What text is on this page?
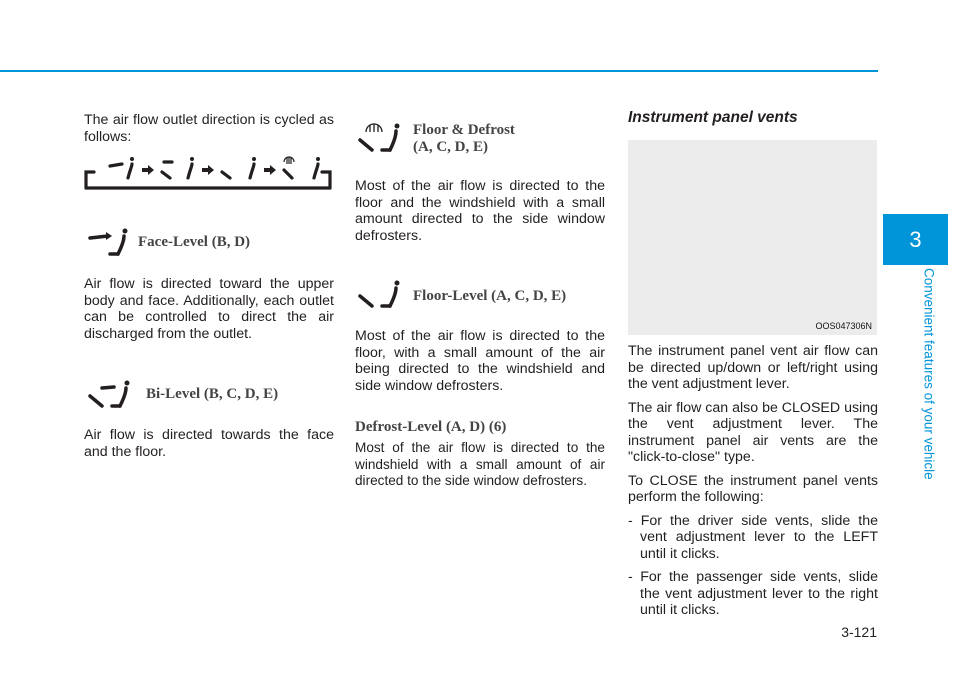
3
Convenient features of your vehicle

The air flow outlet direction is cycled as follows:

Face-Level (B, D)

Air flow is directed toward the upper body and face. Additionally, each outlet can be controlled to direct the air discharged from the outlet.

Bi-Level (B, C, D, E)

Air flow is directed towards the face and the floor.

Floor & Defrost
(A, C, D, E)

Most of the air flow is directed to the floor and the windshield with a small amount directed to the side window defrosters.

Floor-Level (A, C, D, E)

Most of the air flow is directed to the floor, with a small amount of the air being directed to the windshield and side window defrosters.

Defrost-Level (A, D) (6)

Most of the air flow is directed to the windshield with a small amount of air directed to the side window defrosters.

Instrument panel vents
OOS047306N

The instrument panel vent air flow can be directed up/down or left/right using the vent adjustment lever.

The air flow can also be CLOSED using the vent adjustment lever. The instrument panel air vents are the "click-to-close" type.

To CLOSE the instrument panel vents perform the following:

- For the driver side vents, slide the vent adjustment lever to the LEFT until it clicks.

- For the passenger side vents, slide the vent adjustment lever to the right until it clicks.

3-121
